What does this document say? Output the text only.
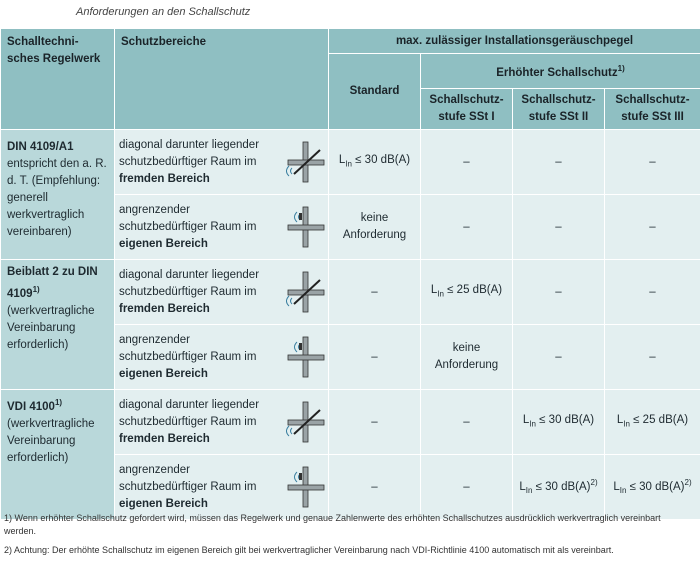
Anforderungen an den Schallschutz
Schalltechni-sches Regelwerk	Schutzbereiche	max. zulässiger Installationsgeräuschpegel			
		Standard	Erhöhter Schallschutz$^{1)}$
			Schallschutz-stufe SSt I	Schallschutz-stufe SSt II	Schallschutz-stufe SSt III

DIN 4109/A1
entspricht den a. R. d. T. (Empfehlung: generell werkvertraglich vereinbaren)	diagonal darunter liegender schutzbedürftiger Raum im fremden Bereich	$L_{In} \le 30$ dB(A)	–	–	–

	angrenzender schutzbedürftiger Raum im eigenen Bereich	keine Anforderung	–	–	–

Beiblatt 2 zu DIN 4109$^{1)}$
(werkvertragliche Vereinbarung erforderlich)	diagonal darunter liegender schutzbedürftiger Raum im fremden Bereich	–	$L_{In} \le 25$ dB(A)	–	–

	angrenzender schutzbedürftiger Raum im eigenen Bereich	–	keine Anforderung	–	–

VDI 4100$^{1)}$
(werkvertragliche Vereinbarung erforderlich)	diagonal darunter liegender schutzbedürftiger Raum im fremden Bereich	–	–	$L_{In} \le 30$ dB(A)	$L_{In} \le 25$ dB(A)

	angrenzender schutzbedürftiger Raum im eigenen Bereich	–	–	$L_{In} \le 30$ $dB(A)^{2)}$	$L_{In} \le 30$ $dB(A)^{2)}$
1) Wenn erhöhter Schallschutz gefordert wird, müssen das Regelwerk und genaue Zahlenwerte des erhöhten Schallschutzes ausdrücklich werkvertraglich vereinbart werden.
2) Achtung: Der erhöhte Schallschutz im eigenen Bereich gilt bei werkvertraglicher Vereinbarung nach VDI-Richtlinie 4100 automatisch mit als vereinbart.
